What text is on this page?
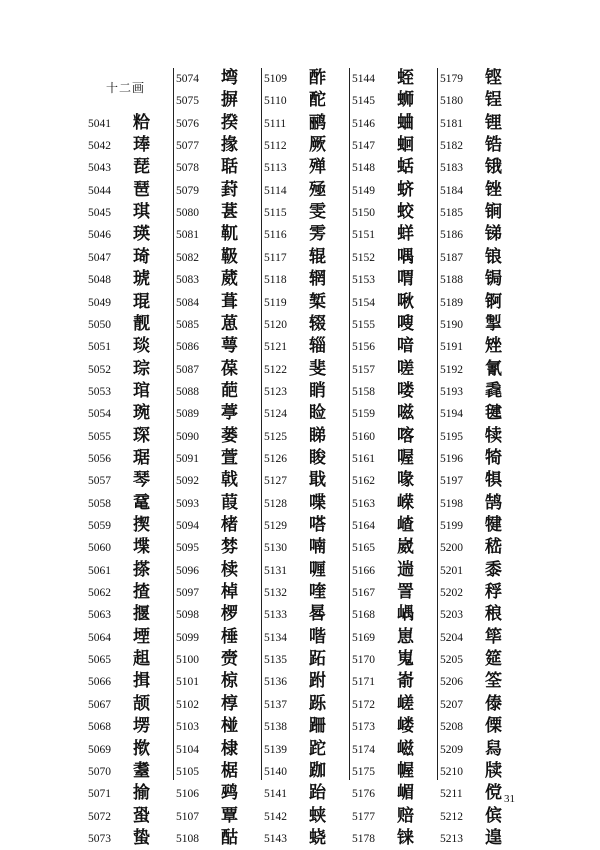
十二画
5041 粭
5042 琫
5043 琵
5044 琶
5045 琪
5046 瑛
5047 琦
5048 琥
5049 琨
5050 靓
5051 琰
5052 琮
5053 琯
5054 琬
5055 琛
5056 琚
5057 琴
5058 鼋
5059 揳
5060 堞
5061 搽
5062 揸
5063 揠
5064 堙
5065 趄
5066 揖
5067 颉
5068 塄
5069 揿
5070 耋
5071 揄
5072 蛩
5073 蛰
5074 塆
5075 摒
5076 揆
5077 掾
5078 聒
5079 葑
5080 葚
5081 靰
5082 靸
5083 葳
5084 葺
5085 葸
5086 萼
5087 葆
5088 葩
5089 葶
5090 蒌
5091 萱
5092 戟
5093 葭
5094 楮
5095 棼
5096 椟
5097 棹
5098 椤
5099 棰
5100 赍
5101 椋
5102 椁
5103 椪
5104 棣
5105 椐
5106 鹀
5107 覃
5108 酤
5109 酢
5110 酡
5111 鹂
5112 厥
5113 殚
5114 殛
5115 雯
5116 雱
5117 辊
5118 辋
5119 椠
5120 辍
5121 辎
5122 斐
5123 睄
5124 睑
5125 睇
5126 睃
5127 戢
5128 喋
5129 嗒
5130 喃
5131 喱
5132 喹
5133 晷
5134 喈
5135 跖
5136 跗
5137 跞
5138 跚
5139 跎
5140 跏
5141 跆
5142 蛱
5143 蛲
5144 蛭
5145 蛳
5146 蛐
5147 蛔
5148 蛞
5149 蛴
5150 蛟
5151 蛘
5152 喁
5153 喟
5154 啾
5155 嗖
5156 喑
5157 嗟
5158 喽
5159 嗞
5160 喀
5161 喔
5162 喙
5163 嵘
5164 嵖
5165 崴
5166 遄
5167 詈
5168 嵎
5169 崽
5170 嵬
5171 嵛
5172 嵯
5173 嵝
5174 嵫
5175 幄
5176 嵋
5177 赔
5178 铼
5179 铿
5180 锃
5181 锂
5182 锆
5183 锇
5184 锉
5185 锏
5186 锑
5187 锒
5188 锔
5189 锕
5190 掣
5191 矬
5192 氰
5193 毳
5194 毽
5195 犊
5196 犄
5197 犋
5198 鹄
5199 犍
5200 嵇
5201 黍
5202 稃
5203 稂
5204 筚
5205 筵
5206 筌
5207 傣
5208 傈
5209 舄
5210 牍
5211 傥
5212 傧
5213 遑
31
